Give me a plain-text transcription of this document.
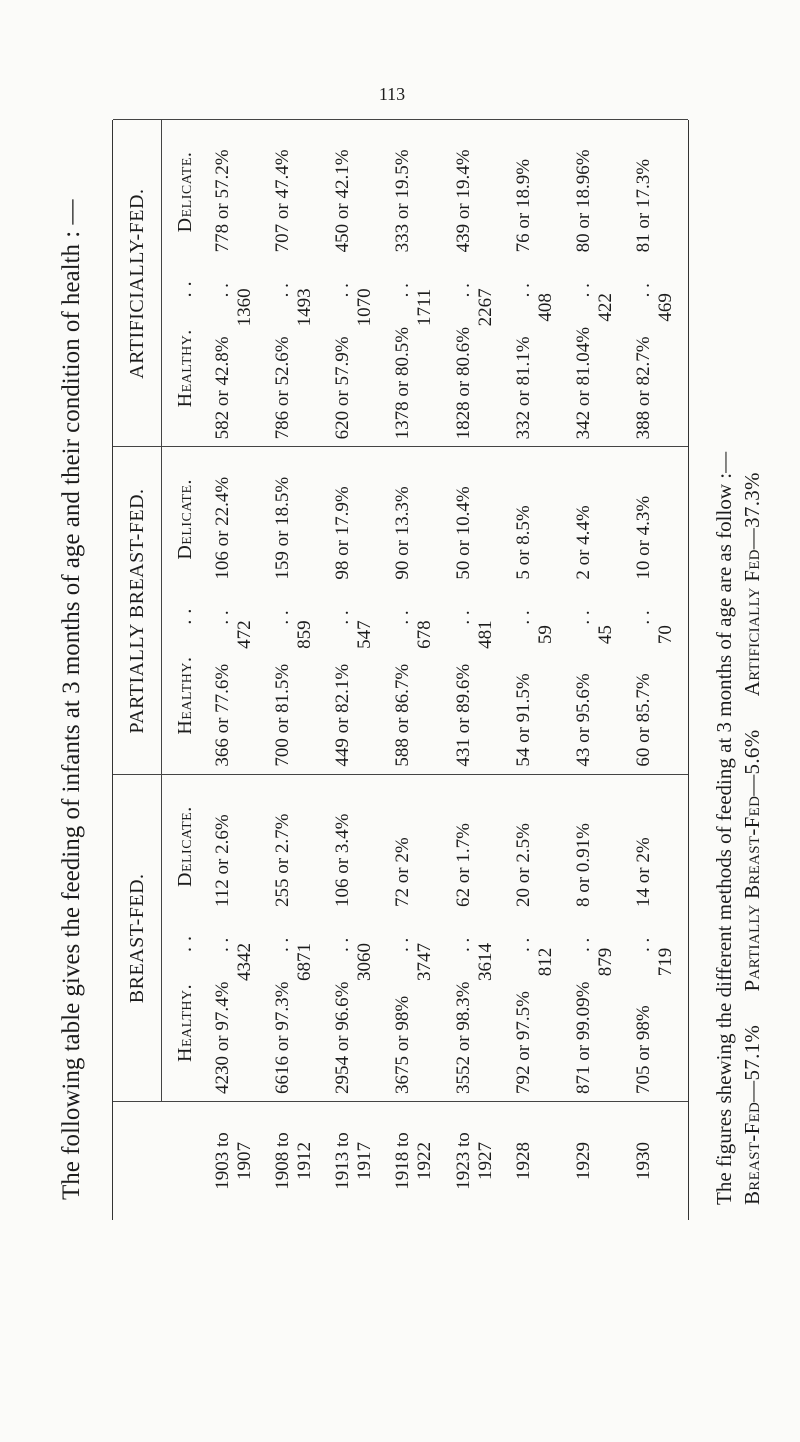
113
The following table gives the feeding of infants at 3 months of age and their condition of health : — BREAST-FED.
Healthy.
. .
Delicate.
PARTIALLY BREAST-FED. Healthy.
. .
Delicate.
ARTIFICIALLY-FED. Healthy.
. .
Delicate.
1903 to 1907
4230 or 97.4%
. .
112 or 2.6%
4342
366 or 77.6%
. .
106 or 22.4%
472
582 or 42.8%
. .
778 or 57.2%
1360
1908 to 1912
6616 or 97.3%
. .
255 or 2.7%
6871
700 or 81.5%
. .
159 or 18.5%
859
786 or 52.6%
. .
707 or 47.4%
1493
1913 to 1917
2954 or 96.6%
. .
106 or 3.4%
3060
449 or 82.1%
. .
98 or 17.9%
547
620 or 57.9%
. .
450 or 42.1%
1070
1918 to 1922
3675 or 98%
. .
72 or 2%
3747
588 or 86.7%
. .
90 or 13.3%
678
1378 or 80.5%
. .
333 or 19.5%
1711
1923 to 1927
3552 or 98.3%
. .
62 or 1.7%
3614
431 or 89.6%
. .
50 or 10.4%
481
1828 or 80.6%
. .
439 or 19.4%
2267
1928
792 or 97.5%
. .
20 or 2.5%
812
54 or 91.5%
. .
5 or 8.5%
59
332 or 81.1%
. .
76 or 18.9%
408
1929
871 or 99.09%
. .
8 or 0.91%
879
43 or 95.6%
. .
2 or 4.4%
45
342 or 81.04%
. .
80 or 18.96%
422
1930
705 or 98%
. .
14 or 2%
719
60 or 85.7%
. .
10 or 4.3%
70
388 or 82.7%
. .
81 or 17.3%
469
The figures shewing the different methods of feeding at 3 months of age are as follow :— Breast-Fed—57.1%      Partially Breast-Fed—5.6%      Artificially Fed—37.3%
